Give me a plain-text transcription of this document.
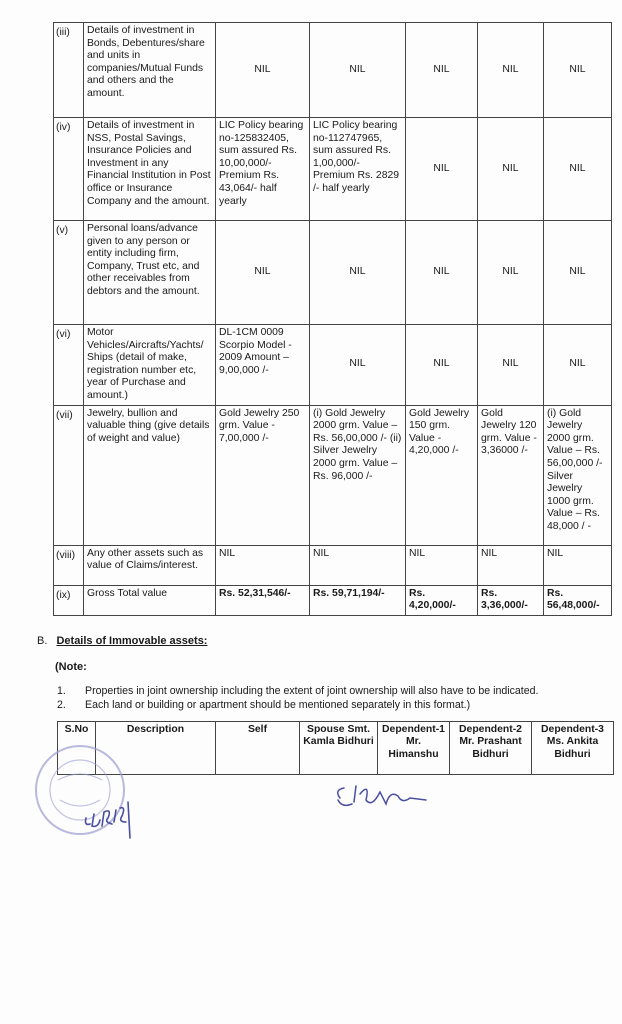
(iii)	Details of investment in Bonds, Debentures/share and units in companies/Mutual Funds and others and the amount.	NIL	NIL	NIL	NIL	NIL
(iv)	Details of investment in NSS, Postal Savings, Insurance Policies and Investment in any Financial Institution in Post office or Insurance Company and the amount.	LIC Policy bearing no-125832405, sum assured Rs. 10,00,000/- Premium Rs. 43,064/- half yearly	LIC Policy bearing no-112747965, sum assured Rs. 1,00,000/- Premium Rs. 2829 /- half yearly	NIL	NIL	NIL
(v)	Personal loans/advance given to any person or entity including firm, Company, Trust etc, and other receivables from debtors and the amount.	NIL	NIL	NIL	NIL	NIL
(vi)	Motor Vehicles/Aircrafts/Yachts/ Ships (detail of make, registration number etc, year of Purchase and amount.)	DL-1CM 0009 Scorpio Model - 2009 Amount – 9,00,000 /-	NIL	NIL	NIL	NIL
(vii)	Jewelry, bullion and valuable thing (give details of weight and value)	Gold Jewelry 250 grm. Value - 7,00,000 /-	(i) Gold Jewelry 2000 grm. Value – Rs. 56,00,000 /- (ii) Silver Jewelry 2000 grm. Value – Rs. 96,000 /-	Gold Jewelry 150 grm. Value - 4,20,000 /-	Gold Jewelry 120 grm. Value - 3,36000 /-	(i) Gold Jewelry 2000 grm. Value – Rs. 56,00,000 /- Silver Jewelry 1000 grm. Value – Rs. 48,000 / -
(viii)	Any other assets such as value of Claims/interest.	NIL	NIL	NIL	NIL	NIL
(ix)	Gross Total value	Rs. 52,31,546/-	Rs. 59,71,194/-	Rs. 4,20,000/-	Rs. 3,36,000/-	Rs. 56,48,000/-
B. Details of Immovable assets:
(Note:
1. Properties in joint ownership including the extent of joint ownership will also have to be indicated.
2. Each land or building or apartment should be mentioned separately in this format.)
S.No	Description	Self	Spouse Smt. Kamla Bidhuri	Dependent-1 Mr. Himanshu	Dependent-2 Mr. Prashant Bidhuri	Dependent-3 Ms. Ankita Bidhuri
